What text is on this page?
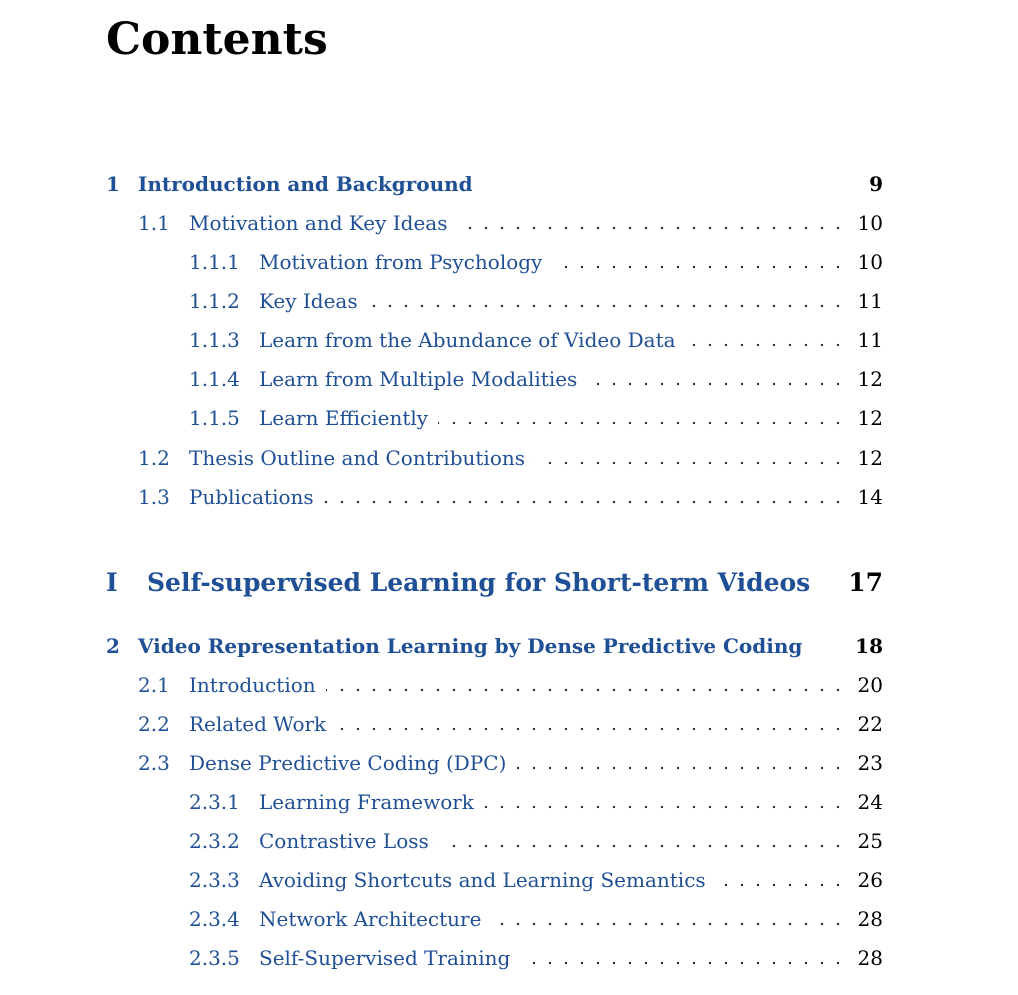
Contents
1 Introduction and Background	9
1.1 Motivation and Key Ideas	10
1.1.1 Motivation from Psychology	10
1.1.2 Key Ideas	11
1.1.3 Learn from the Abundance of Video Data	11
1.1.4 Learn from Multiple Modalities	12
1.1.5 Learn Efficiently	12
1.2 Thesis Outline and Contributions	12
1.3 Publications	14
I Self-supervised Learning for Short-term Videos 17
2 Video Representation Learning by Dense Predictive Coding	18
2.1 Introduction	20
2.2 Related Work	22
2.3 Dense Predictive Coding (DPC)	23
2.3.1 Learning Framework	24
2.3.2 Contrastive Loss	25
2.3.3 Avoiding Shortcuts and Learning Semantics	26
2.3.4 Network Architecture	28
2.3.5 Self-Supervised Training	28
